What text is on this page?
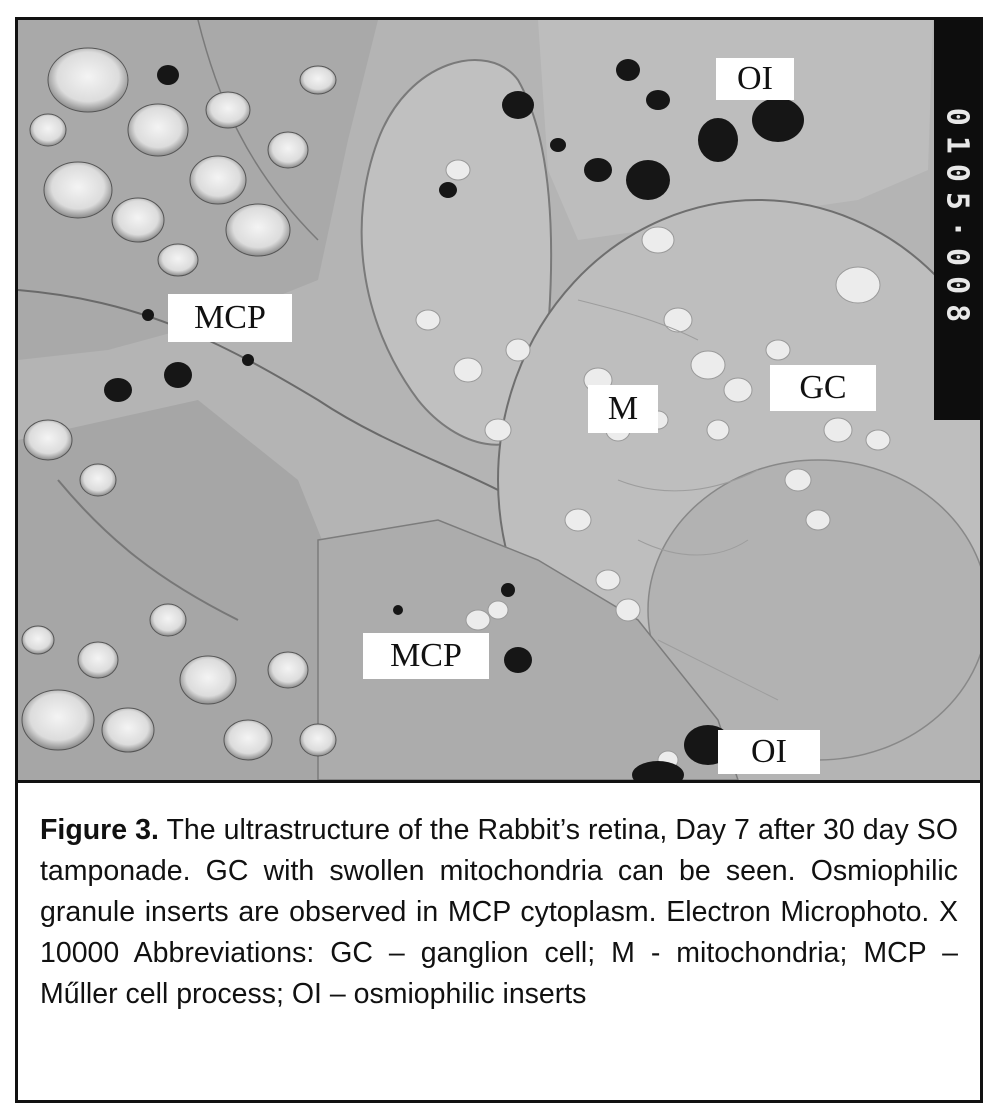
OI
MCP
M
GC
MCP
OI
0105·008
Figure 3. The ultrastructure of the Rabbit’s retina, Day 7 after 30 day SO tamponade. GC with swollen mitochondria can be seen. Osmiophilic granule inserts are observed in MCP cytoplasm. Electron Microphoto. X 10000 Abbreviations: GC – ganglion cell; M - mitochondria; MCP – Műller cell process; OI – osmiophilic inserts
